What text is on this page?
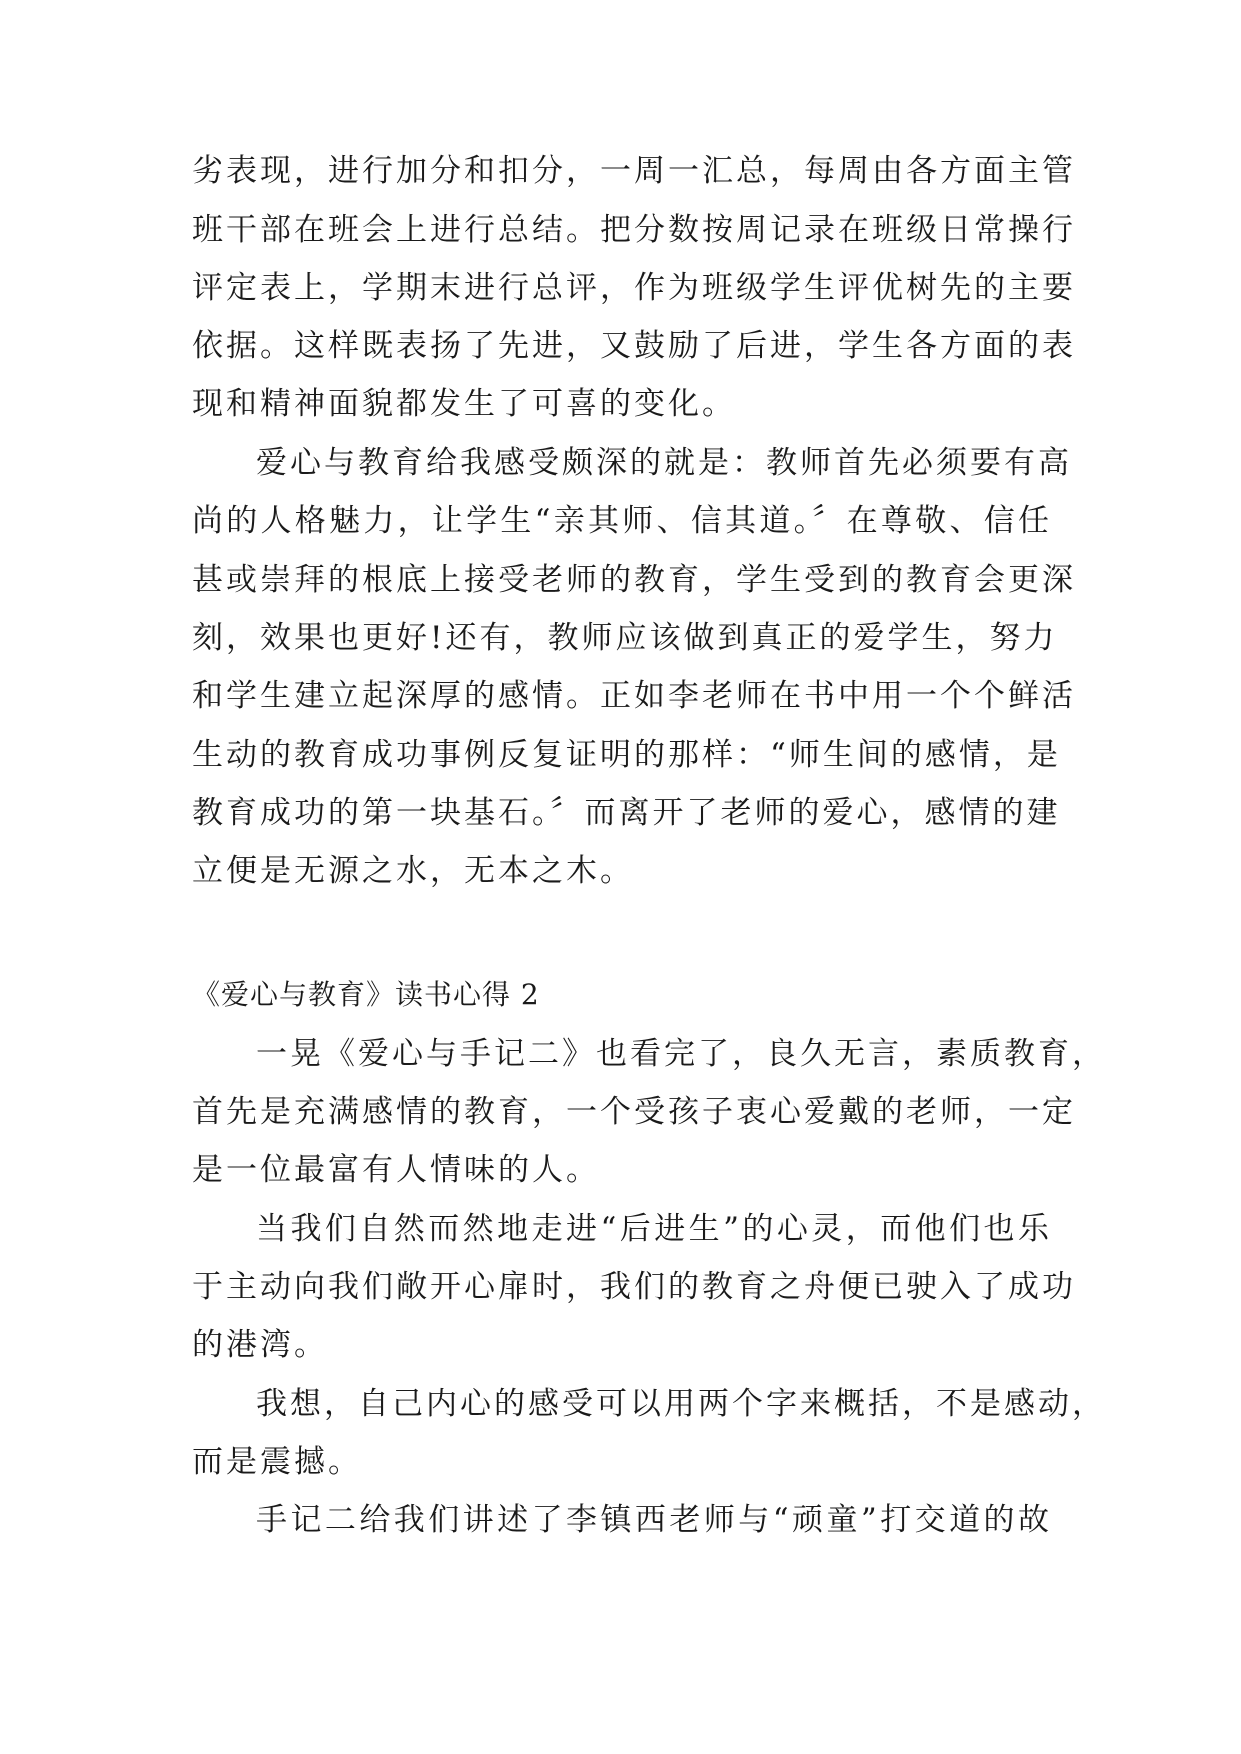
劣表现，进行加分和扣分，一周一汇总，每周由各方面主管
班干部在班会上进行总结。把分数按周记录在班级日常操行
评定表上，学期末进行总评，作为班级学生评优树先的主要
依据。这样既表扬了先进，又鼓励了后进，学生各方面的表
现和精神面貌都发生了可喜的变化。
爱心与教育给我感受颇深的就是：教师首先必须要有高
尚的人格魅力，让学生“亲其师、信其道。〞在尊敬、信任
甚或崇拜的根底上接受老师的教育，学生受到的教育会更深
刻，效果也更好!还有，教师应该做到真正的爱学生，努力
和学生建立起深厚的感情。正如李老师在书中用一个个鲜活
生动的教育成功事例反复证明的那样：“师生间的感情，是
教育成功的第一块基石。〞而离开了老师的爱心，感情的建
立便是无源之水，无本之木。
《爱心与教育》读书心得 2
一晃《爱心与手记二》也看完了，良久无言，素质教育，
首先是充满感情的教育，一个受孩子衷心爱戴的老师，一定
是一位最富有人情味的人。
当我们自然而然地走进“后进生”的心灵，而他们也乐
于主动向我们敞开心扉时，我们的教育之舟便已驶入了成功
的港湾。
我想，自己内心的感受可以用两个字来概括，不是感动，
而是震撼。
手记二给我们讲述了李镇西老师与“顽童”打交道的故
